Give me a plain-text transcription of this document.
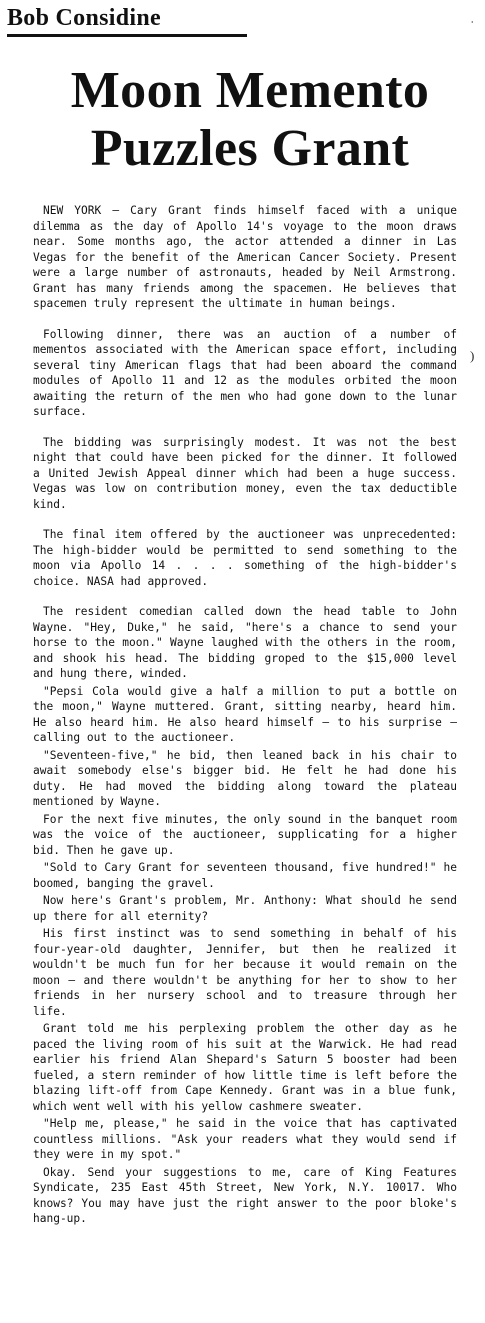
Bob Considine
Moon Memento
Puzzles Grant

NEW YORK — Cary Grant finds himself faced with a unique dilemma as the day of Apollo 14's voyage to the moon draws near. Some months ago, the actor attended a dinner in Las Vegas for the benefit of the American Cancer Society. Present were a large number of astronauts, headed by Neil Armstrong. Grant has many friends among the spacemen. He believes that spacemen truly represent the ultimate in human beings.

Following dinner, there was an auction of a number of mementos associated with the American space effort, including several tiny American flags that had been aboard the command modules of Apollo 11 and 12 as the modules orbited the moon awaiting the return of the men who had gone down to the lunar surface.

The bidding was surprisingly modest. It was not the best night that could have been picked for the dinner. It followed a United Jewish Appeal dinner which had been a huge success. Vegas was low on contribution money, even the tax deductible kind.

The final item offered by the auctioneer was unprecedented: The high-bidder would be permitted to send something to the moon via Apollo 14 . . . . something of the high-bidder's choice. NASA had approved.

The resident comedian called down the head table to John Wayne. "Hey, Duke," he said, "here's a chance to send your horse to the moon." Wayne laughed with the others in the room, and shook his head. The bidding groped to the $15,000 level and hung there, winded.

"Pepsi Cola would give a half a million to put a bottle on the moon," Wayne muttered. Grant, sitting nearby, heard him. He also heard him. He also heard himself — to his surprise — calling out to the auctioneer.

"Seventeen-five," he bid, then leaned back in his chair to await somebody else's bigger bid. He felt he had done his duty. He had moved the bidding along toward the plateau mentioned by Wayne.

For the next five minutes, the only sound in the banquet room was the voice of the auctioneer, supplicating for a higher bid. Then he gave up.

"Sold to Cary Grant for seventeen thousand, five hundred!" he boomed, banging the gravel.

Now here's Grant's problem, Mr. Anthony: What should he send up there for all eternity?

His first instinct was to send something in behalf of his four-year-old daughter, Jennifer, but then he realized it wouldn't be much fun for her because it would remain on the moon — and there wouldn't be anything for her to show to her friends in her nursery school and to treasure through her life.

Grant told me his perplexing problem the other day as he paced the living room of his suit at the Warwick. He had read earlier his friend Alan Shepard's Saturn 5 booster had been fueled, a stern reminder of how little time is left before the blazing lift-off from Cape Kennedy. Grant was in a blue funk, which went well with his yellow cashmere sweater.

"Help me, please," he said in the voice that has captivated countless millions. "Ask your readers what they would send if they were in my spot."

Okay. Send your suggestions to me, care of King Features Syndicate, 235 East 45th Street, New York, N.Y. 10017. Who knows? You may have just the right answer to the poor bloke's hang-up.

ˈ
)
